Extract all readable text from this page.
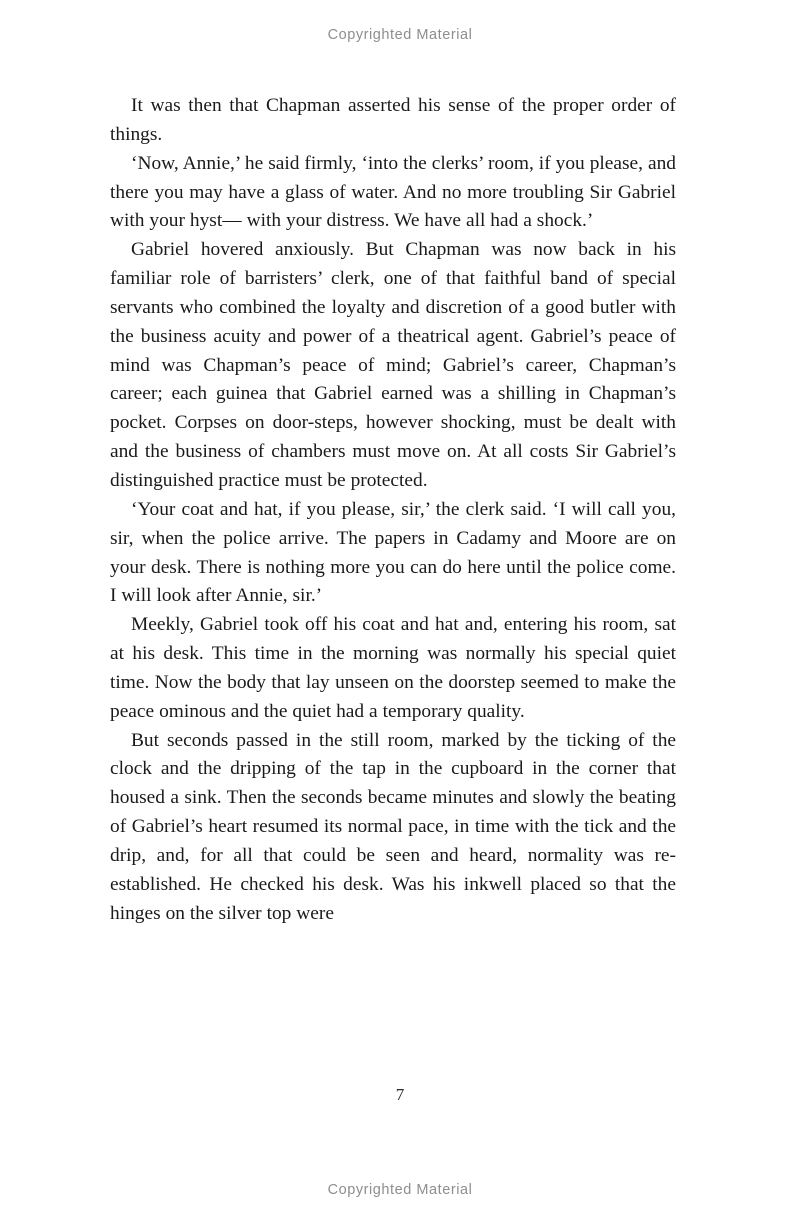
Copyrighted Material

It was then that Chapman asserted his sense of the proper order of things.

‘Now, Annie,’ he said firmly, ‘into the clerks’ room, if you please, and there you may have a glass of water. And no more troubling Sir Gabriel with your hyst— with your distress. We have all had a shock.’

Gabriel hovered anxiously. But Chapman was now back in his familiar role of barristers’ clerk, one of that faithful band of special servants who combined the loyalty and discretion of a good butler with the business acuity and power of a theatrical agent. Gabriel’s peace of mind was Chapman’s peace of mind; Gabriel’s career, Chapman’s career; each guinea that Gabriel earned was a shilling in Chapman’s pocket. Corpses on door-steps, however shocking, must be dealt with and the business of chambers must move on. At all costs Sir Gabriel’s distinguished practice must be protected.

‘Your coat and hat, if you please, sir,’ the clerk said. ‘I will call you, sir, when the police arrive. The papers in Cadamy and Moore are on your desk. There is nothing more you can do here until the police come. I will look after Annie, sir.’

Meekly, Gabriel took off his coat and hat and, entering his room, sat at his desk. This time in the morning was normally his special quiet time. Now the body that lay unseen on the doorstep seemed to make the peace ominous and the quiet had a temporary quality.

But seconds passed in the still room, marked by the ticking of the clock and the dripping of the tap in the cupboard in the corner that housed a sink. Then the seconds became minutes and slowly the beating of Gabriel’s heart resumed its normal pace, in time with the tick and the drip, and, for all that could be seen and heard, normality was re-established. He checked his desk. Was his inkwell placed so that the hinges on the silver top were

7
Copyrighted Material
